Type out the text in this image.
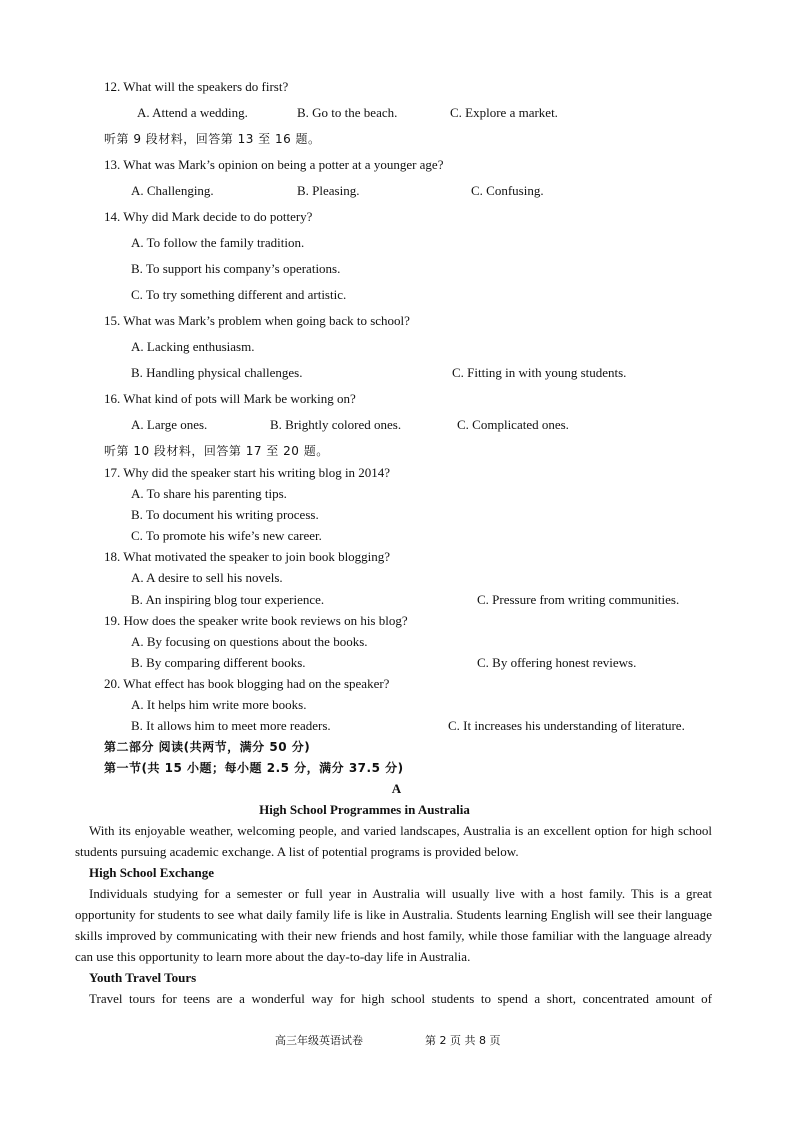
12. What will the speakers do first?
A. Attend a wedding.	B. Go to the beach.	C. Explore a market.
听第 9 段材料，回答第 13 至 16 题。
13. What was Mark’s opinion on being a potter at a younger age?
A. Challenging.	B. Pleasing.	C. Confusing.
14. Why did Mark decide to do pottery?
A. To follow the family tradition.
B. To support his company’s operations.
C. To try something different and artistic.
15. What was Mark’s problem when going back to school?
A. Lacking enthusiasm.
B. Handling physical challenges.	C. Fitting in with young students.
16. What kind of pots will Mark be working on?
A. Large ones.	B. Brightly colored ones.	C. Complicated ones.
听第 10 段材料，回答第 17 至 20 题。
17. Why did the speaker start his writing blog in 2014?
A. To share his parenting tips.
B. To document his writing process.
C. To promote his wife’s new career.
18. What motivated the speaker to join book blogging?
A. A desire to sell his novels.
B. An inspiring blog tour experience.	C. Pressure from writing communities.
19. How does the speaker write book reviews on his blog?
A. By focusing on questions about the books.
B. By comparing different books.	C. By offering honest reviews.
20. What effect has book blogging had on the speaker?
A. It helps him write more books.
B. It allows him to meet more readers.	C. It increases his understanding of literature.
第二部分 阅读(共两节，满分 50 分)
第一节(共 15 小题；每小题 2.5 分，满分 37.5 分)
A
High School Programmes in Australia
With its enjoyable weather, welcoming people, and varied landscapes, Australia is an excellent option for high school students pursuing academic exchange. A list of potential programs is provided below.
High School Exchange
Individuals studying for a semester or full year in Australia will usually live with a host family. This is a great opportunity for students to see what daily family life is like in Australia. Students learning English will see their language skills improved by communicating with their new friends and host family, while those familiar with the language already can use this opportunity to learn more about the day-to-day life in Australia.
Youth Travel Tours
Travel tours for teens are a wonderful way for high school students to spend a short, concentrated amount of
高三年级英语试卷	第 2 页 共 8 页
